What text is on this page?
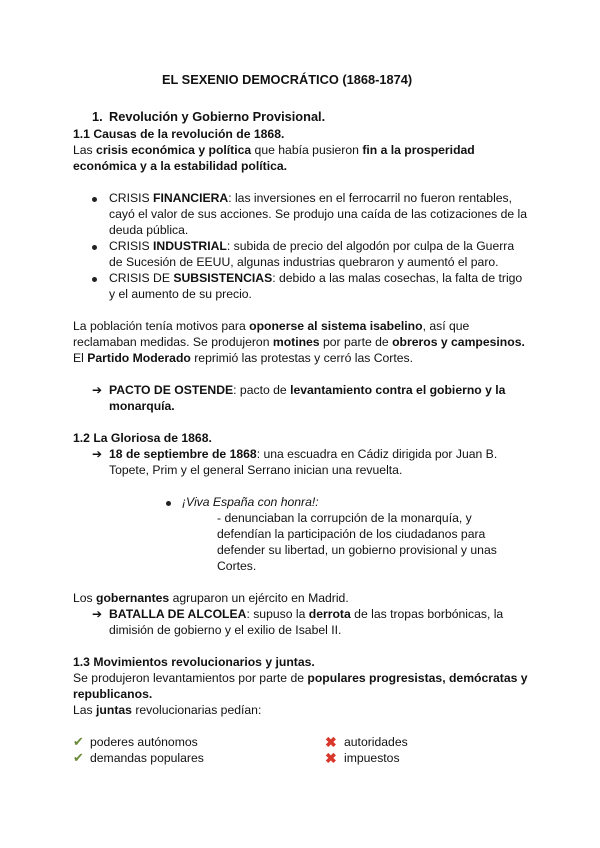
EL SEXENIO DEMOCRÁTICO (1868-1874)
1. Revolución y Gobierno Provisional.
1.1 Causas de la revolución de 1868.
Las crisis económica y política que había pusieron fin a la prosperidad
económica y a la estabilidad política.
CRISIS FINANCIERA: las inversiones en el ferrocarril no fueron rentables,
cayó el valor de sus acciones. Se produjo una caída de las cotizaciones de la
deuda pública.
CRISIS INDUSTRIAL: subida de precio del algodón por culpa de la Guerra
de Sucesión de EEUU, algunas industrias quebraron y aumentó el paro.
CRISIS DE SUBSISTENCIAS: debido a las malas cosechas, la falta de trigo
y el aumento de su precio.
La población tenía motivos para oponerse al sistema isabelino, así que
reclamaban medidas. Se produjeron motines por parte de obreros y campesinos.
El Partido Moderado reprimió las protestas y cerró las Cortes.
➔ PACTO DE OSTENDE: pacto de levantamiento contra el gobierno y la
monarquía.
1.2 La Gloriosa de 1868.
➔ 18 de septiembre de 1868: una escuadra en Cádiz dirigida por Juan B.
Topete, Prim y el general Serrano inician una revuelta.
¡Viva España con honra!:
- denunciaban la corrupción de la monarquía, y
defendían la participación de los ciudadanos para
defender su libertad, un gobierno provisional y unas
Cortes.
Los gobernantes agruparon un ejército en Madrid.
➔ BATALLA DE ALCOLEA: supuso la derrota de las tropas borbónicas, la
dimisión de gobierno y el exilio de Isabel II.
1.3 Movimientos revolucionarios y juntas.
Se produjeron levantamientos por parte de populares progresistas, demócratas y
republicanos.
Las juntas revolucionarias pedían:
✔ poderes autónomos
✔ demandas populares
✖ autoridades
✖ impuestos
